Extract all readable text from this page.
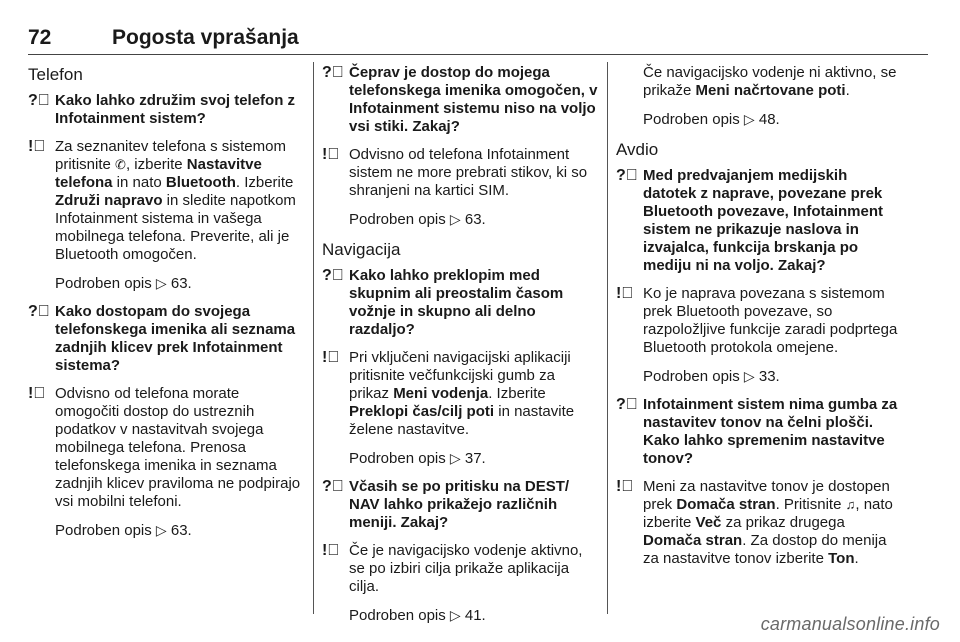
72	Pogosta vprašanja
Telefon
?⃝ Kako lahko združim svoj telefon z Infotainment sistem?
!⃝ Za seznanitev telefona s sistemom pritisnite ✆, izberite Nastavitve telefona in nato Bluetooth. Izberite Združi napravo in sledite napotkom Infotainment sistema in vašega mobilnega telefona. Preverite, ali je Bluetooth omogočen.
Podroben opis ▷ 63.
?⃝ Kako dostopam do svojega telefonskega imenika ali seznama zadnjih klicev prek Infotainment sistema?
!⃝ Odvisno od telefona morate omogočiti dostop do ustreznih podatkov v nastavitvah svojega mobilnega telefona. Prenosa telefonskega imenika in seznama zadnjih klicev praviloma ne podpirajo vsi mobilni telefoni.
Podroben opis ▷ 63.
?⃝ Čeprav je dostop do mojega telefonskega imenika omogočen, v Infotainment sistemu niso na voljo vsi stiki. Zakaj?
!⃝ Odvisno od telefona Infotainment sistem ne more prebrati stikov, ki so shranjeni na kartici SIM.
Podroben opis ▷ 63.
Navigacija
?⃝ Kako lahko preklopim med skupnim ali preostalim časom vožnje in skupno ali delno razdaljo?
!⃝ Pri vključeni navigacijski aplikaciji pritisnite večfunkcijski gumb za prikaz Meni vodenja. Izberite Preklopi čas/cilj poti in nastavite želene nastavitve.
Podroben opis ▷ 37.
?⃝ Včasih se po pritisku na DEST/ NAV lahko prikažejo različnih meniji. Zakaj?
!⃝ Če je navigacijsko vodenje aktivno, se po izbiri cilja prikaže aplikacija cilja.
Podroben opis ▷ 41.
Če navigacijsko vodenje ni aktivno, se prikaže Meni načrtovane poti.
Podroben opis ▷ 48.
Avdio
?⃝ Med predvajanjem medijskih datotek z naprave, povezane prek Bluetooth povezave, Infotainment sistem ne prikazuje naslova in izvajalca, funkcija brskanja po mediju ni na voljo. Zakaj?
!⃝ Ko je naprava povezana s sistemom prek Bluetooth povezave, so razpoložljive funkcije zaradi podprtega Bluetooth protokola omejene.
Podroben opis ▷ 33.
?⃝ Infotainment sistem nima gumba za nastavitev tonov na čelni plošči. Kako lahko spremenim nastavitve tonov?
!⃝ Meni za nastavitve tonov je dostopen prek Domača stran. Pritisnite ♫, nato izberite Več za prikaz drugega Domača stran. Za dostop do menija za nastavitve tonov izberite Ton.
carmanualsonline.info
